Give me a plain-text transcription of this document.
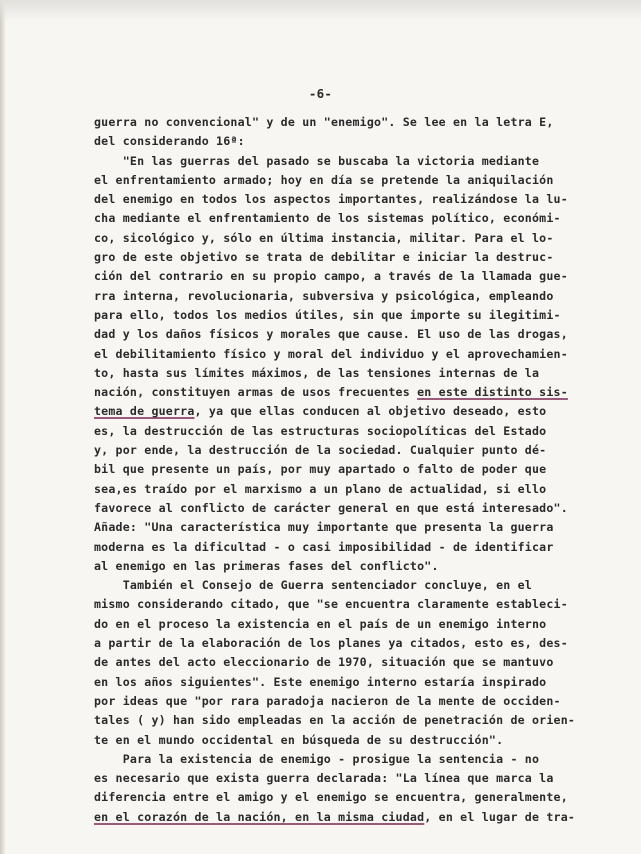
-6-
guerra no convencional" y de un "enemigo". Se lee en la letra E,
del considerando 16ª:
"En las guerras del pasado se buscaba la victoria mediante
el enfrentamiento armado; hoy en día se pretende la aniquilación
del enemigo en todos los aspectos importantes, realizándose la lu-
cha mediante el enfrentamiento de los sistemas político, económi-
co, sicológico y, sólo en última instancia, militar. Para el lo-
gro de este objetivo se trata de debilitar e iniciar la destruc-
ción del contrario en su propio campo, a través de la llamada gue-
rra interna, revolucionaria, subversiva y psicológica, empleando
para ello, todos los medios útiles, sin que importe su ilegitimi-
dad y los daños físicos y morales que cause. El uso de las drogas,
el debilitamiento físico y moral del individuo y el aprovechamien-
to, hasta sus límites máximos, de las tensiones internas de la
nación, constituyen armas de usos frecuentes en este distinto sis-
tema de guerra, ya que ellas conducen al objetivo deseado, esto
es, la destrucción de las estructuras sociopolíticas del Estado
y, por ende, la destrucción de la sociedad. Cualquier punto dé-
bil que presente un país, por muy apartado o falto de poder que
sea,es traído por el marxismo a un plano de actualidad, si ello
favorece al conflicto de carácter general en que está interesado".
Añade: "Una característica muy importante que presenta la guerra
moderna es la dificultad - o casi imposibilidad - de identificar
al enemigo en las primeras fases del conflicto".
También el Consejo de Guerra sentenciador concluye, en el
mismo considerando citado, que "se encuentra claramente estableci-
do en el proceso la existencia en el país de un enemigo interno
a partir de la elaboración de los planes ya citados, esto es, des-
de antes del acto eleccionario de 1970, situación que se mantuvo
en los años siguientes". Este enemigo interno estaría inspirado
por ideas que "por rara paradoja nacieron de la mente de occiden-
tales ( y) han sido empleadas en la acción de penetración de orien-
te en el mundo occidental en búsqueda de su destrucción".
Para la existencia de enemigo - prosigue la sentencia - no
es necesario que exista guerra declarada: "La línea que marca la
diferencia entre el amigo y el enemigo se encuentra, generalmente,
en el corazón de la nación, en la misma ciudad, en el lugar de tra-
